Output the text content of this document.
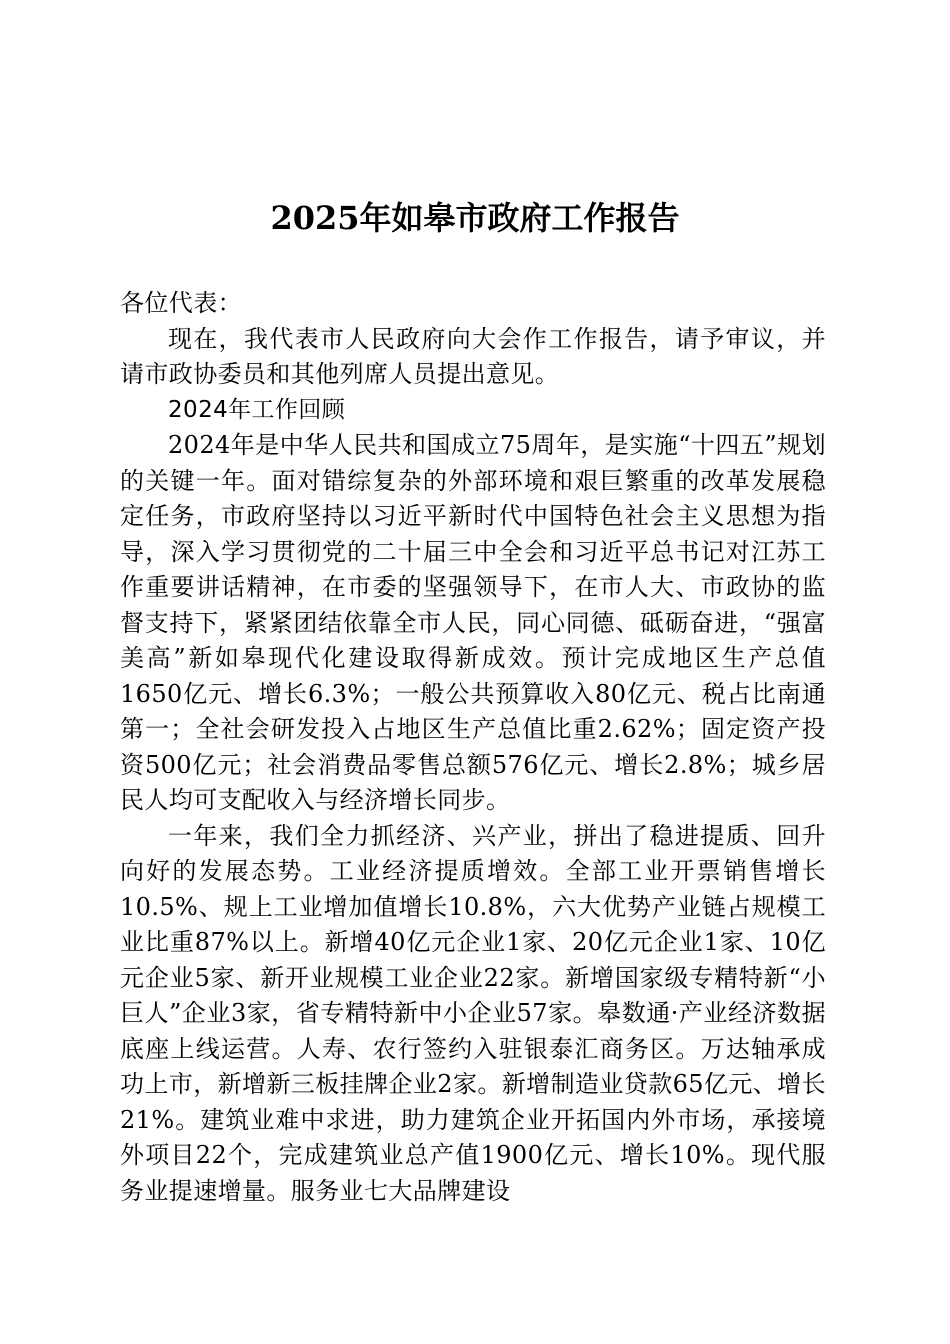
2025年如皋市政府工作报告

各位代表：

现在，我代表市人民政府向大会作工作报告，请予审议，并请市政协委员和其他列席人员提出意见。

2024年工作回顾

2024年是中华人民共和国成立75周年，是实施“十四五”规划的关键一年。面对错综复杂的外部环境和艰巨繁重的改革发展稳定任务，市政府坚持以习近平新时代中国特色社会主义思想为指导，深入学习贯彻党的二十届三中全会和习近平总书记对江苏工作重要讲话精神，在市委的坚强领导下，在市人大、市政协的监督支持下，紧紧团结依靠全市人民，同心同德、砥砺奋进，“强富美高”新如皋现代化建设取得新成效。预计完成地区生产总值1650亿元、增长6.3%；一般公共预算收入80亿元、税占比南通第一；全社会研发投入占地区生产总值比重2.62%；固定资产投资500亿元；社会消费品零售总额576亿元、增长2.8%；城乡居民人均可支配收入与经济增长同步。

一年来，我们全力抓经济、兴产业，拼出了稳进提质、回升向好的发展态势。工业经济提质增效。全部工业开票销售增长10.5%、规上工业增加值增长10.8%，六大优势产业链占规模工业比重87%以上。新增40亿元企业1家、20亿元企业1家、10亿元企业5家、新开业规模工业企业22家。新增国家级专精特新“小巨人”企业3家，省专精特新中小企业57家。皋数通·产业经济数据底座上线运营。人寿、农行签约入驻银泰汇商务区。万达轴承成功上市，新增新三板挂牌企业2家。新增制造业贷款65亿元、增长21%。建筑业难中求进，助力建筑企业开拓国内外市场，承接境外项目22个，完成建筑业总产值1900亿元、增长10%。现代服务业提速增量。服务业七大品牌建设
